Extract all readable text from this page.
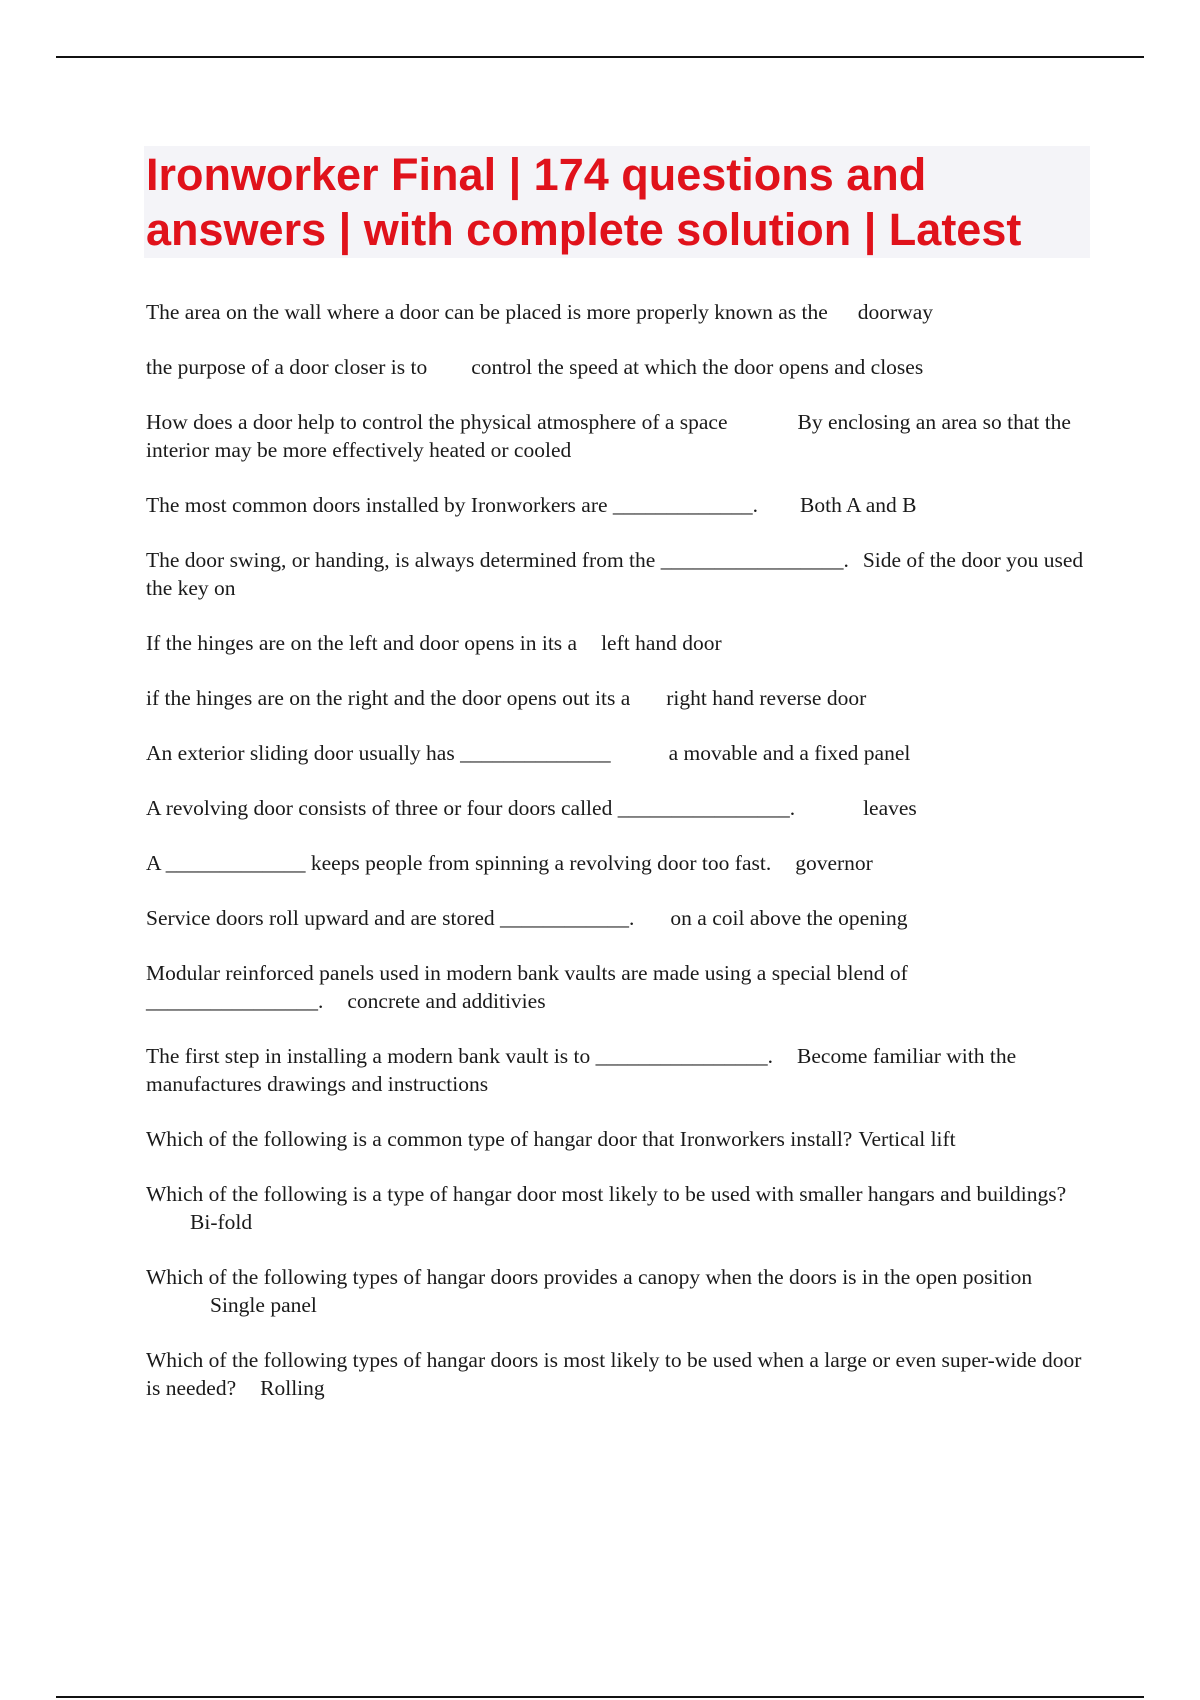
Ironworker Final | 174 questions and
answers | with complete solution | Latest
The area on the wall where a door can be placed is more properly known as the doorway
the purpose of a door closer is to control the speed at which the door opens and closes
How does a door help to control the physical atmosphere of a space	By enclosing an area so that the interior may be more effectively heated or cooled
The most common doors installed by Ironworkers are _____________. Both A and B
The door swing, or handing, is always determined from the _________________. Side of the door you used the key on
If the hinges are on the left and door opens in its a left hand door
if the hinges are on the right and the door opens out its a right hand reverse door
An exterior sliding door usually has ______________	a movable and a fixed panel
A revolving door consists of three or four doors called ________________.	leaves
A _____________ keeps people from spinning a revolving door too fast. governor
Service doors roll upward and are stored ____________. on a coil above the opening
Modular reinforced panels used in modern bank vaults are made using a special blend of ________________. concrete and additivies
The first step in installing a modern bank vault is to ________________. Become familiar with the manufactures drawings and instructions
Which of the following is a common type of hangar door that Ironworkers install? Vertical lift
Which of the following is a type of hangar door most likely to be used with smaller hangars and buildings?Bi-fold
Which of the following types of hangar doors provides a canopy when the doors is in the open positionSingle panel
Which of the following types of hangar doors is most likely to be used when a large or even super-wide door is needed? Rolling
